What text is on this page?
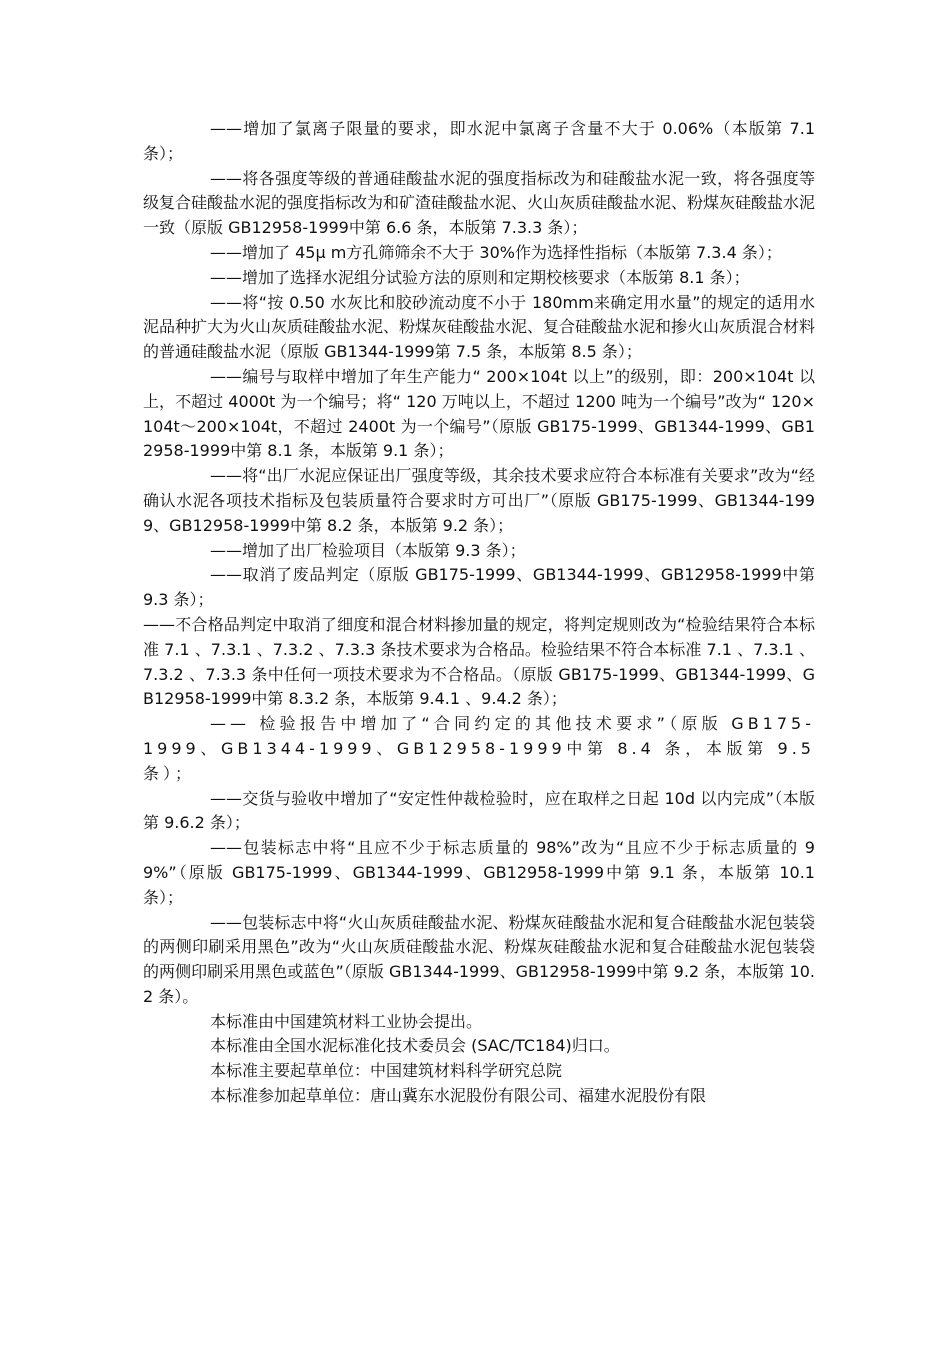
——增加了氯离子限量的要求，即水泥中氯离子含量不大于 0.06%（本版第 7.1 条）；

——将各强度等级的普通硅酸盐水泥的强度指标改为和硅酸盐水泥一致，将各强度等级复合硅酸盐水泥的强度指标改为和矿渣硅酸盐水泥、火山灰质硅酸盐水泥、粉煤灰硅酸盐水泥一致（原版 GB12958-1999中第 6.6 条，本版第 7.3.3 条）；

——增加了 45μ m方孔筛筛余不大于 30%作为选择性指标（本版第 7.3.4 条）；

——增加了选择水泥组分试验方法的原则和定期校核要求（本版第 8.1 条）；

——将“按 0.50 水灰比和胶砂流动度不小于 180mm来确定用水量”的规定的适用水泥品种扩大为火山灰质硅酸盐水泥、粉煤灰硅酸盐水泥、复合硅酸盐水泥和掺火山灰质混合材料的普通硅酸盐水泥（原版 GB1344-1999第 7.5 条，本版第 8.5 条）；

——编号与取样中增加了年生产能力“ 200×104t 以上”的级别，即：200×104t 以上，不超过 4000t 为一个编号；将“ 120 万吨以上，不超过 1200 吨为一个编号”改为“ 120×104t～200×104t，不超过 2400t 为一个编号”（原版 GB175-1999、GB1344-1999、GB12958-1999中第 8.1 条，本版第 9.1 条）；

——将“出厂水泥应保证出厂强度等级，其余技术要求应符合本标准有关要求”改为“经确认水泥各项技术指标及包装质量符合要求时方可出厂”（原版 GB175-1999、GB1344-1999、GB12958-1999中第 8.2 条，本版第 9.2 条）；

——增加了出厂检验项目（本版第 9.3 条）；

——取消了废品判定（原版 GB175-1999、GB1344-1999、GB12958-1999中第 9.3 条）；

——不合格品判定中取消了细度和混合材料掺加量的规定，将判定规则改为“检验结果符合本标准 7.1 、7.3.1 、7.3.2 、7.3.3 条技术要求为合格品。检验结果不符合本标准 7.1 、7.3.1 、7.3.2 、7.3.3 条中任何一项技术要求为不合格品。（原版 GB175-1999、GB1344-1999、GB12958-1999中第 8.3.2 条，本版第 9.4.1 、9.4.2 条）；

—— 检验报告中增加了“合同约定的其他技术要求”（原版 GB175-1999、GB1344-1999、GB12958-1999中第 8.4 条，本版第 9.5 条）；

——交货与验收中增加了“安定性仲裁检验时，应在取样之日起 10d 以内完成”（本版第 9.6.2 条）；

——包装标志中将“且应不少于标志质量的 98%”改为“且应不少于标志质量的 99%”（原版 GB175-1999、GB1344-1999、GB12958-1999中第 9.1 条，本版第 10.1 条）；

——包装标志中将“火山灰质硅酸盐水泥、粉煤灰硅酸盐水泥和复合硅酸盐水泥包装袋的两侧印刷采用黑色”改为“火山灰质硅酸盐水泥、粉煤灰硅酸盐水泥和复合硅酸盐水泥包装袋的两侧印刷采用黑色或蓝色”（原版 GB1344-1999、GB12958-1999中第 9.2 条，本版第 10.2 条）。

本标准由中国建筑材料工业协会提出。

本标准由全国水泥标准化技术委员会 (SAC/TC184)归口。

本标准主要起草单位：中国建筑材料科学研究总院

本标准参加起草单位：唐山冀东水泥股份有限公司、福建水泥股份有限
